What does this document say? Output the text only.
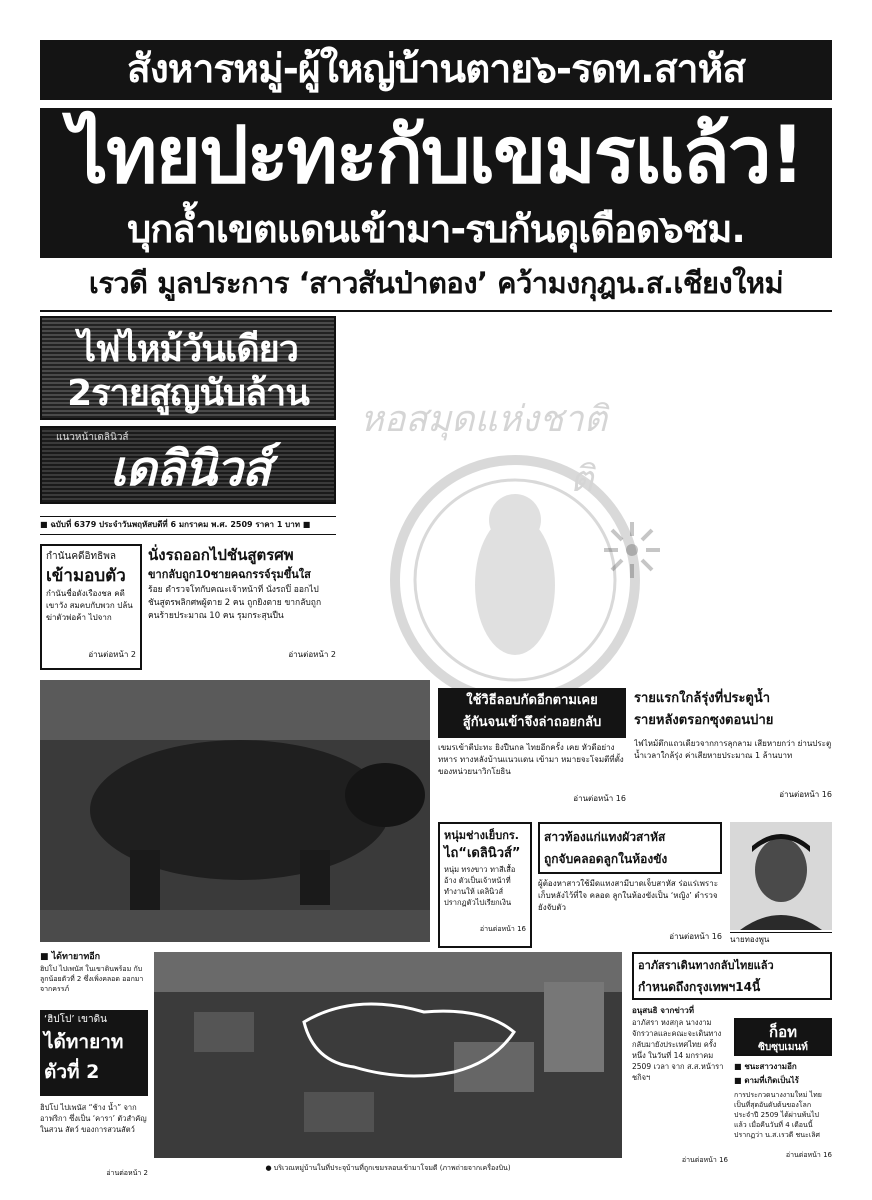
สังหารหมู่-ผู้ใหญ่บ้านตาย๖-รดท.สาหัส
ไทยปะทะกับเขมรแล้ว!
บุกล้ำเขตแดนเข้ามา-รบกันดุเดือด๖ชม.
เรวดี มูลประการ ‘สาวสันป่าตอง’ คว้ามงกุฎน.ส.เชียงใหม่
หอสมุดแห่งชาติ
ติ
ไฟไหม้วันเดียว
2รายสูญนับล้าน
แนวหน้าเดลินิวส์
เดลินิวส์
■ ฉบับที่ 6379 ประจำวันพฤหัสบดีที่ 6 มกราคม พ.ศ. 2509 ราคา 1 บาท ■
กำนันคดีอิทธิพล
เข้ามอบตัว
กำนันชื่อดังเรืองชล คดีเขาวัง สมคบกับพวก ปล้นฆ่าตัวพ่อค้า ไปจาก
อ่านต่อหน้า 2
นั่งรถออกไปชันสูตรศพ
ขากลับถูก10ชายคฉกรรจ์รุมขึ้นใส
ร้อย ตำรวจโทกับคณะเจ้าหน้าที่ นั่งรถปิ๊ ออกไปชันสูตรพลิกศพผู้ตาย 2 คน ถูกยิงตาย ขากลับถูกคนร้ายประมาณ 10 คน รุมกระสุนปืน
อ่านต่อหน้า 2
ใช้วิธีลอบกัดอีกตามเคย
สู้กันจนเข้าจึงล่าถอยกลับ
เขมรเข้าตีปะทะ ยิงปืนกล ไทยอีกครั้ง เคย หัวดีอย่างทหาร ทางหลังบ้านแนวแดน เข้ามา หมายจะโจมตีที่ตั้งของหน่วยนาวิกโยธิน
อ่านต่อหน้า 16
รายแรกใกล้รุ่งที่ประตูน้ำ
รายหลังตรอกซุงตอนบ่าย
ไฟไหม้ตึกแถวเดียวจากการลุกลาม เสียหายกว่า ย่านประตูน้ำเวลาใกล้รุ่ง ค่าเสียหายประมาณ 1 ล้านบาท
อ่านต่อหน้า 16
หนุ่มช่างเย็บกร.
ไถ“เดลินิวส์”
หนุ่ม ทรงขาว ทาสีเสื้อ อ้าง ตัวเป็นเจ้าหน้าที่ทำงานให้ เดลินิวส์ ปรากฏตัวไปเรียกเงิน
อ่านต่อหน้า 16
สาวท้องแก่แทงผัวสาหัส
ถูกจับคลอดลูกในห้องขัง
ผู้ต้องหาสาวใช้มีดแทงสามีบาดเจ็บสาหัส ร่อแร่เพราะเก็บหลังไว้ที่ใจ คลอด ลูกในห้องขังเป็น ‘หญิง’ ตำรวจยังจับตัว
อ่านต่อหน้า 16 นายทองพูน
■ ได้ทายาทอีก
ฮิปโป ไปเพนัส ในเขาดินพร้อม กับลูกน้อยตัวที่ 2 ซึ่งเพิ่งคลอด ออกมาจากครรภ์
‘ฮิปโป’ เขาดิน
ได้ทายาท
ตัวที่ 2
ฮิปโป ไปเพนัส “ช้าง น้ำ” จากอาฟริกา ซึ่งเป็น ‘คารา’ ตัวสำคัญในสวน สัตว์ ของการสวนสัตว์
อ่านต่อหน้า 2
● บริเวณหมู่บ้านในที่ประจุบ้านที่ถูกเขมรลอบเข้ามาโจมตี (ภาพถ่ายจากเครื่องบิน)
อาภัสราเดินทางกลับไทยแล้ว
กำหนดถึงกรุงเทพฯ14นี้
อนุสนธิ จากข่าวที่
อาภัสรา หงสกุล นางงาม จักรวาลและคณะจะเดินทาง กลับมายังประเทศไทย ครั้งหนึ่ง ในวันที่ 14 มกราคม 2509 เวลา จาก ส.ส.หน้าราชกิจฯ
อ่านต่อหน้า 16
ก็อท
ซิบซุบเมนท์
■ ชนะสาวงามอีก
■ ดามที่เกิดเป็นไร้
การประกวดนางงามใหม่ ไทยเป็นที่สุดอันดับต้นของโลก ประจำปี 2509 ได้ผ่านพ้นไป แล้ว เมื่อคืนวันที่ 4 เดือนนี้ ปรากฏว่า น.ส.เรวดี ชนะเลิศ
อ่านต่อหน้า 16
